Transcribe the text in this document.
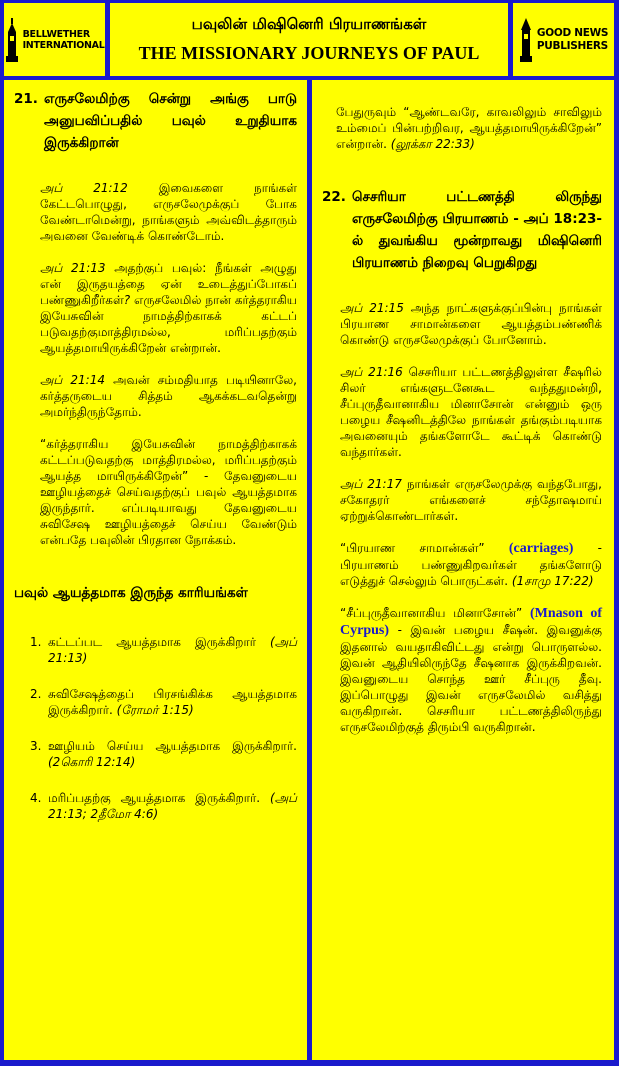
BELLWETHER
INTERNATIONAL
பவுலின் மிஷினெரி பிரயாணங்கள்
THE MISSIONARY JOURNEYS OF PAUL
GOOD NEWS
PUBLISHERS
21. எருசலேமிற்கு சென்று அங்கு பாடு அனுபவிப்பதில் பவுல் உறுதியாக இருக்கிறான்

அப் 21:12 இவைகளை நாங்கள் கேட்டபொழுது, எருசலேமுக்குப் போக வேண்டாமென்று, நாங்களும் அவ்விடத்தாரும் அவனை வேண்டிக் கொண்டோம்.

அப் 21:13 அதற்குப் பவுல்: நீங்கள் அழுது என் இருதயத்தை ஏன் உடைத்துப்போகப் பண்ணுகிறீர்கள்? எருசலேமில் நான் கர்த்தராகிய இயேசுவின் நாமத்திற்காகக் கட்டப் படுவதற்குமாத்திரமல்ல, மரிப்பதற்கும் ஆயத்தமாயிருக்கிறேன் என்றான்.

அப் 21:14 அவன் சம்மதியாத படியினாலே, கர்த்தருடைய சித்தம் ஆகக்கடவதென்று அமர்ந்திருந்தோம்.

“கர்த்தராகிய இயேசுவின் நாமத்திற்காகக் கட்டப்படுவதற்கு மாத்திரமல்ல, மரிப்பதற்கும் ஆயத்த மாயிருக்கிறேன்” - தேவனுடைய ஊழியத்தைச் செய்வதற்குப் பவுல் ஆயத்தமாக இருந்தார். எப்படியாவது தேவனுடைய சுவிசேஷ ஊழியத்தைச் செய்ய வேண்டும் என்பதே பவுலின் பிரதான நோக்கம்.

பவுல் ஆயத்தமாக இருந்த காரியங்கள்
1. கட்டப்பட ஆயத்தமாக இருக்கிறார் (அப் 21:13)
2. சுவிசேஷத்தைப் பிரசங்கிக்க ஆயத்தமாக இருக்கிறார். (ரோமர் 1:15)
3. ஊழியம் செய்ய ஆயத்தமாக இருக்கிறார். (2கொரி 12:14)
4. மரிப்பதற்கு ஆயத்தமாக இருக்கிறார். (அப் 21:13; 2தீமோ 4:6)

பேதுருவும் “ஆண்டவரே, காவலிலும் சாவிலும் உம்மைப் பின்பற்றிவர, ஆயத்தமாயிருக்கிறேன்” என்றான். (லூக்கா 22:33)

22. செசரியா பட்டணத்தி லிருந்து எருசலேமிற்கு பிரயாணம் - அப் 18:23-ல் துவங்கிய மூன்றாவது மிஷினெரி பிரயாணம் நிறைவு பெறுகிறது

அப் 21:15 அந்த நாட்களுக்குப்பின்பு நாங்கள் பிரயாண சாமான்களை ஆயத்தம்பண்ணிக் கொண்டு எருசலேமுக்குப் போனோம்.

அப் 21:16 செசரியா பட்டணத்திலுள்ள சீஷரில் சிலர் எங்களுடனேகூட வந்ததுமன்றி, சீப்புருதீவானாகிய மினாசோன் என்னும் ஒரு பழைய சீஷனிடத்திலே நாங்கள் தங்கும்படியாக அவனையும் தங்களோடே கூட்டிக் கொண்டு வந்தார்கள்.

அப் 21:17 நாங்கள் எருசலேமுக்கு வந்தபோது, சகோதரர் எங்களைச் சந்தோஷமாய் ஏற்றுக்கொண்டார்கள்.

“பிரயாண சாமான்கள்” (carriages) - பிரயாணம் பண்ணுகிறவர்கள் தங்களோடு எடுத்துச் செல்லும் பொருட்கள். (1சாமு 17:22)

“சீப்புருதீவானாகிய மினாசோன்” (Mnason of Cyrpus) - இவன் பழைய சீஷன். இவனுக்கு இதனால் வயதாகிவிட்டது என்று பொருளல்ல. இவன் ஆதியிலிருந்தே சீஷனாக இருக்கிறவன். இவனுடைய சொந்த ஊர் சீப்புரு தீவு. இப்பொழுது இவன் எருசலேமில் வசித்து வருகிறான். செசரியா பட்டணத்திலிருந்து எருசலேமிற்குத் திரும்பி வருகிறான்.
